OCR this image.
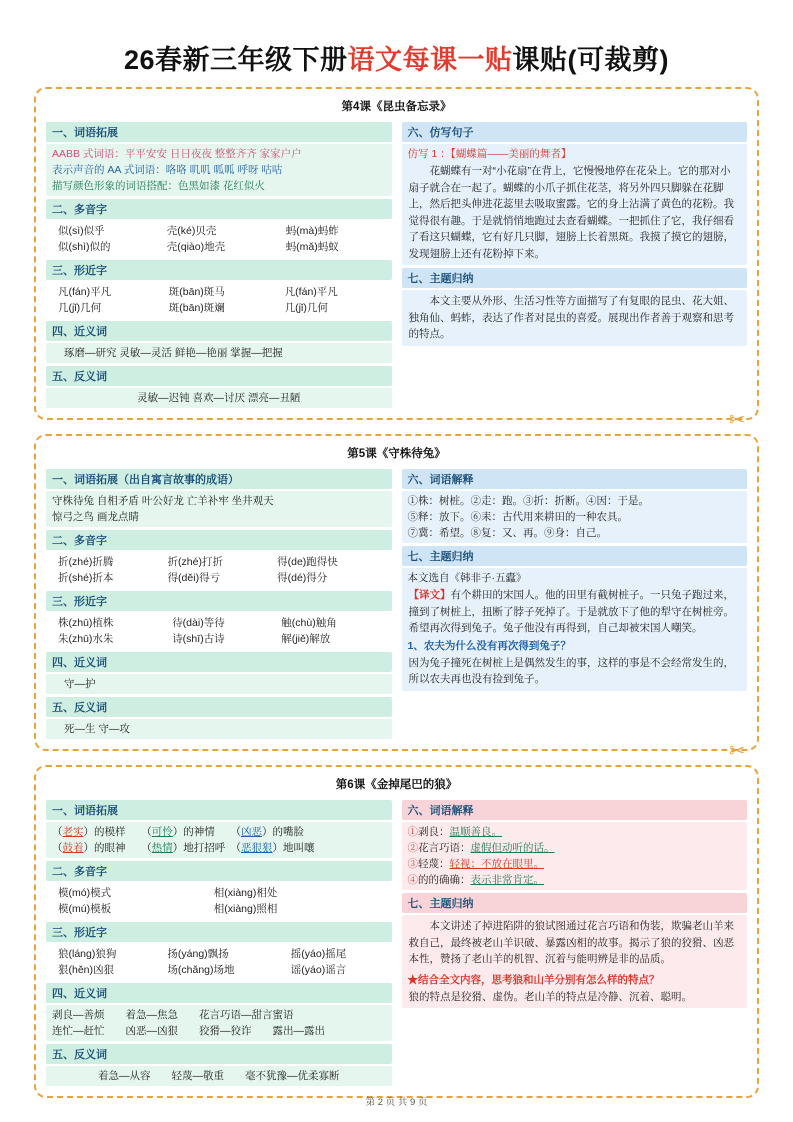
26春新三年级下册语文每课一贴课贴(可裁剪)
第4课《昆虫备忘录》
一、词语拓展
AABB 式词语：平平安安 日日夜夜 整整齐齐 家家户户
表示声音的 AA 式词语：咯咯 叽叽 呱呱 呼呀 咕咕
描写颜色形象的词语搭配：色黑如漆 花红似火
二、多音字
似(sì)似乎	壳(ké)贝壳	蚂(mà)蚂蚱
似(shì)似的	壳(qiào)地壳	蚂(mǎ)蚂蚁
三、形近字
凡(fán)平凡	斑(bān)斑马	凡(fán)平凡
几(jǐ)几何	斑(bān)斑斓	几(jǐ)几何
四、近义词
琢磨—研究 灵敏—灵活 鲜艳—艳丽 掌握—把握
五、反义词
灵敏—迟钝 喜欢—讨厌 漂亮—丑陋
六、仿写句子
仿写 1 ：【蝴蝶篇——美丽的舞者】
花蝴蝶有一对“小花扇”在背上，它慢慢地停在花朵上。它的那对小扇子就合在一起了。蝴蝶的小爪子抓住花茎，将另外四只脚躲在花脚上，然后把头伸进花蕊里去吸取蜜露。它的身上沾满了黄色的花粉。我觉得很有趣。于是就悄悄地跑过去查看蝴蝶。一把抓住了它，我仔细看了看这只蝴蝶，它有好几只脚，翅膀上长着黑斑。我摸了摸它的翅膀，发现翅膀上还有花粉掉下来。
七、主题归纳
本文主要从外形、生活习性等方面描写了有复眼的昆虫、花大姐、独角仙、蚂蚱，表达了作者对昆虫的喜爱。展现出作者善于观察和思考的特点。
✂
第5课《守株待兔》
一、词语拓展（出自寓言故事的成语）
守株待兔 自相矛盾 叶公好龙 亡羊补牢 坐井观天
惊弓之鸟 画龙点睛
二、多音字
折(zhé)折腾	折(zhé)打折	得(de)跑得快
折(shé)折本	得(děi)得亏	得(dé)得分
三、形近字
株(zhū)植株	待(dài)等待	触(chù)触角
朱(zhū)水朱	诗(shī)古诗	解(jiě)解放
四、近义词
守—护
五、反义词
死—生 守—攻
六、词语解释
①株：树桩。②走：跑。③折：折断。④因：于是。
⑤释：放下。⑥耒：古代用来耕田的一种农具。
⑦冀：希望。⑧复：又、再。⑨身：自己。
七、主题归纳
本文选自《韩非子·五蠹》
【译文】有个耕田的宋国人。他的田里有截树桩子。一只兔子跑过来，撞到了树桩上，扭断了脖子死掉了。于是就放下了他的犁守在树桩旁。希望再次得到兔子。兔子他没有再得到，自己却被宋国人嘲笑。
1、农夫为什么没有再次得到兔子？
因为兔子撞死在树桩上是偶然发生的事，这样的事是不会经常发生的，所以农夫再也没有捡到兔子。
✂
第6课《金掉尾巴的狼》
一、词语拓展
（老实）的模样　　（可怜）的神情　　（凶恶）的嘴脸
（鼓着）的眼神　　（热情）地打招呼　（恶狠狠）地叫嚷
二、多音字
模(mó)模式	相(xiàng)相处
模(mú)模板	相(xiàng)照相
三、形近字
狼(láng)狼狗	扬(yáng)飘扬	摇(yáo)摇尾
狠(hěn)凶狠	场(chǎng)场地	谣(yáo)谣言
四、近义词
剥良—善烦　　着急—焦急　　花言巧语—甜言蜜语
连忙—赶忙　　凶恶—凶狠　　狡猾—狡诈　　露出—露出
五、反义词
着急—从容　　轻蔑—敬重　　毫不犹豫—优柔寡断
六、词语解释
①剥良：温顺善良。
②花言巧语：虚假但动听的话。
③轻蔑：轻视；不放在眼里。
④的的确确：表示非常肯定。
七、主题归纳
本文讲述了掉进陷阱的狼试图通过花言巧语和伪装，欺骗老山羊来救自己，最终被老山羊识破、暴露凶相的故事。揭示了狼的狡猾、凶恶本性，赞扬了老山羊的机智、沉着与能明辨是非的品质。
★结合全文内容，思考狼和山羊分别有怎么样的特点？
狼的特点是狡猾、虚伪。老山羊的特点是冷静、沉着、聪明。
第 2 页 共 9 页
